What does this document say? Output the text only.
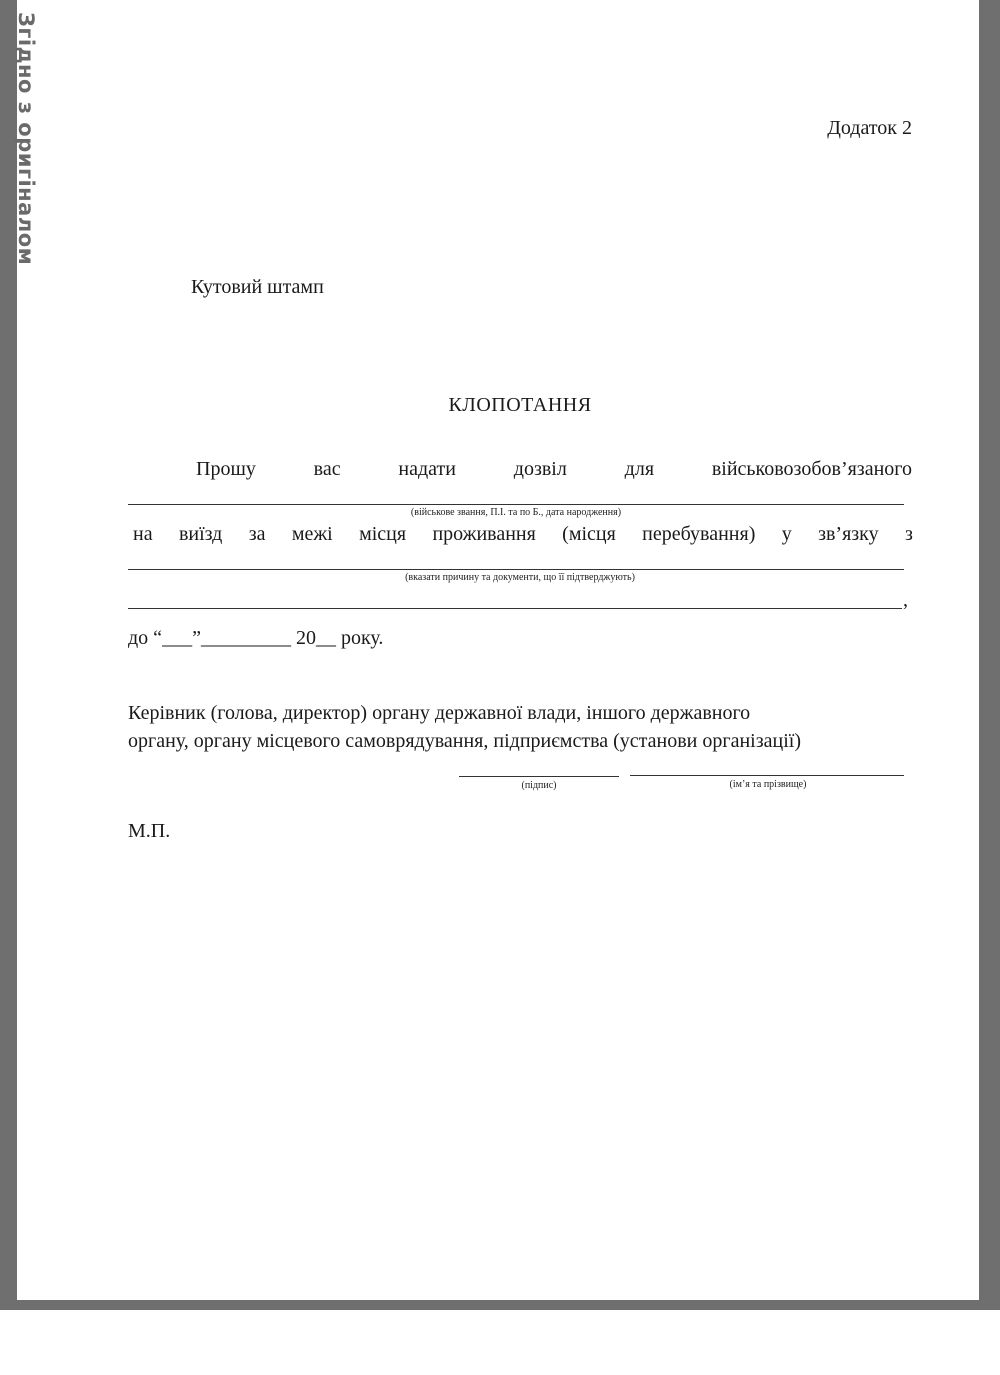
Згідно з оригіналом	Додаток 2
Кутовий штамп
КЛОПОТАННЯ
Прошу	вас	надати	дозвіл	для	військовозобов’язаного
(військове звання, П.І. та по Б., дата народження)
на виїзд за межі місця проживання (місця перебування) у зв’язку з
(вказати причину та документи, що її підтверджують)
,
до “___”_________ 20__ року.
Керівник (голова, директор) органу державної влади, іншого державного
органу, органу місцевого самоврядування, підприємства (установи організації)
(підпис)	(ім’я та прізвище)
М.П.
